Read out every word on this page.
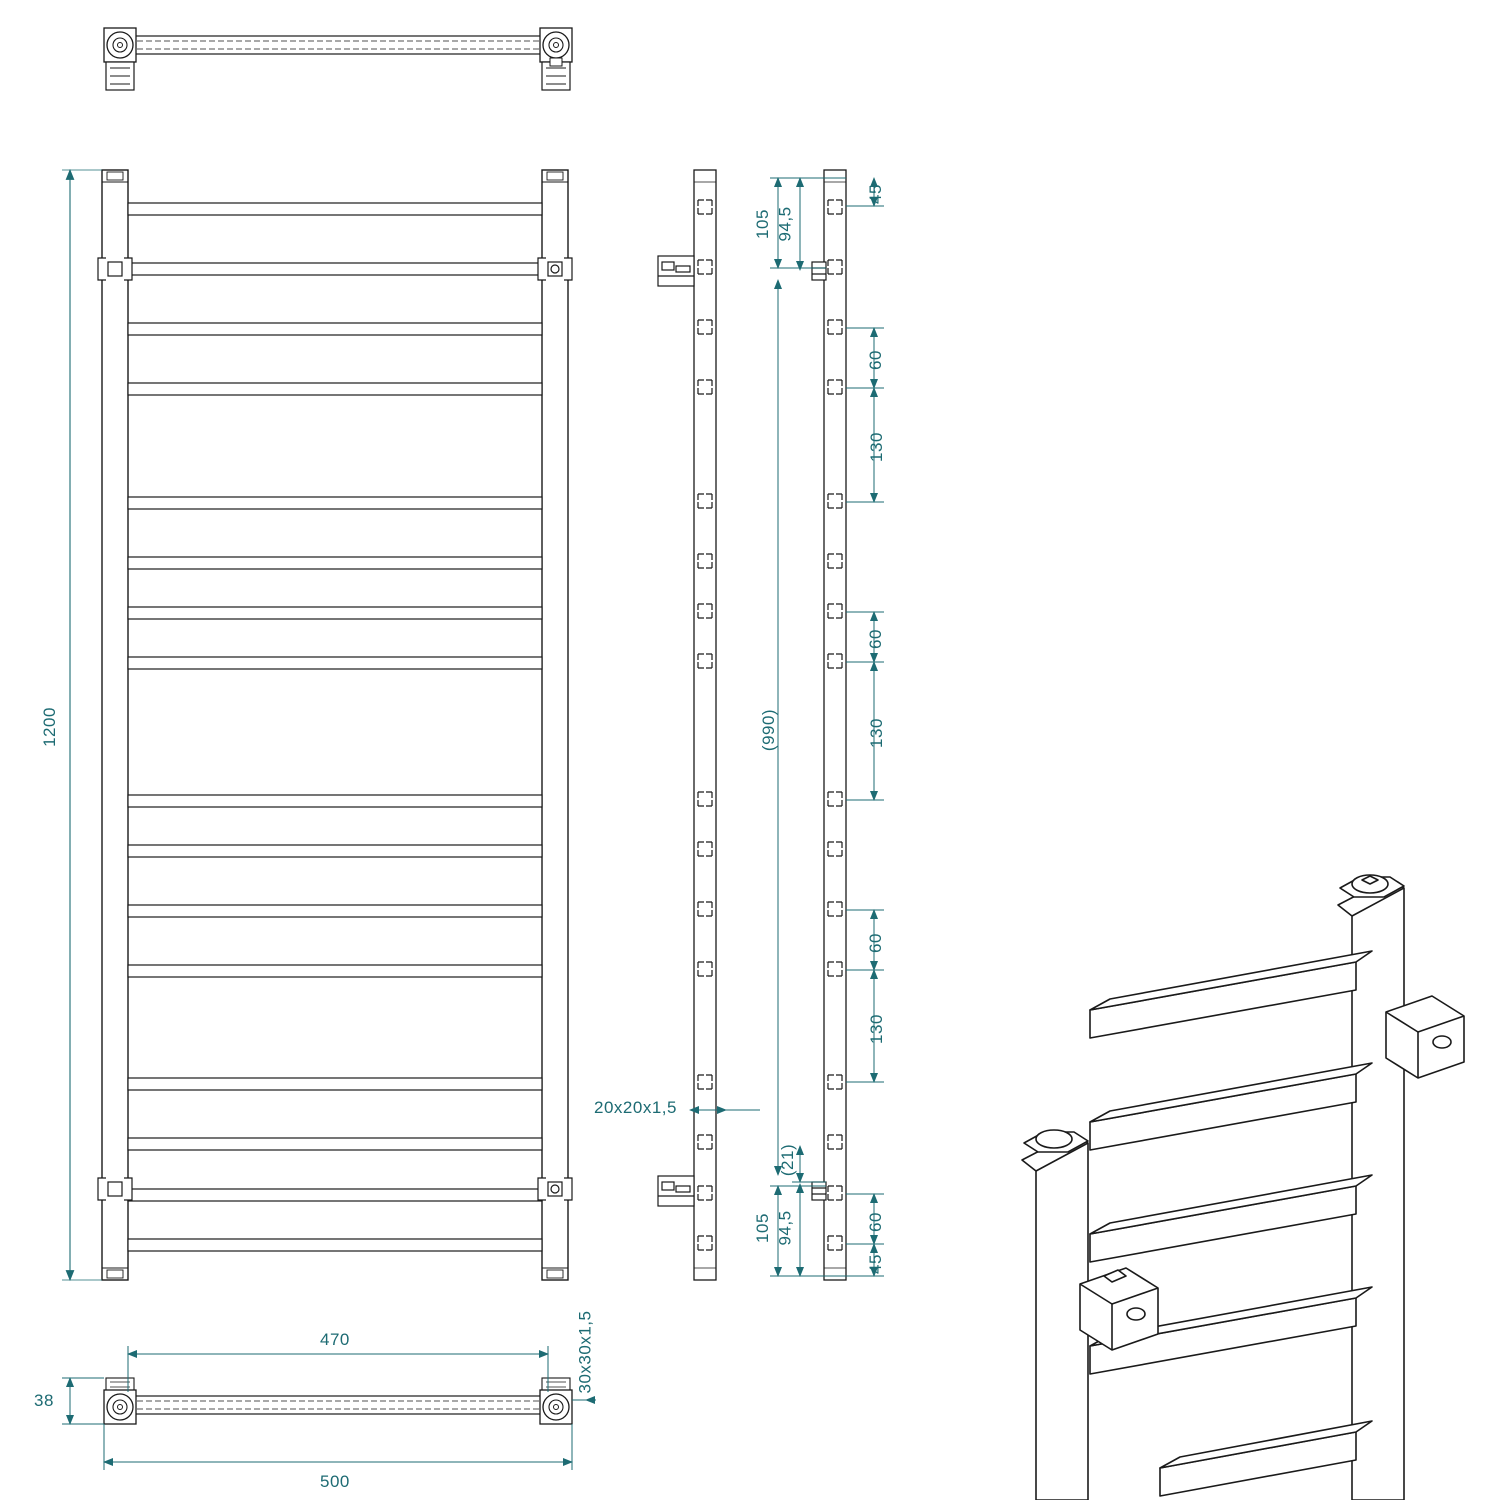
1200
105 94,5
(990)
(21)
94,5
105
45
60
130
60
130
60
130
60
45
20x20x1,5
30x30x1,5
470
500
38
